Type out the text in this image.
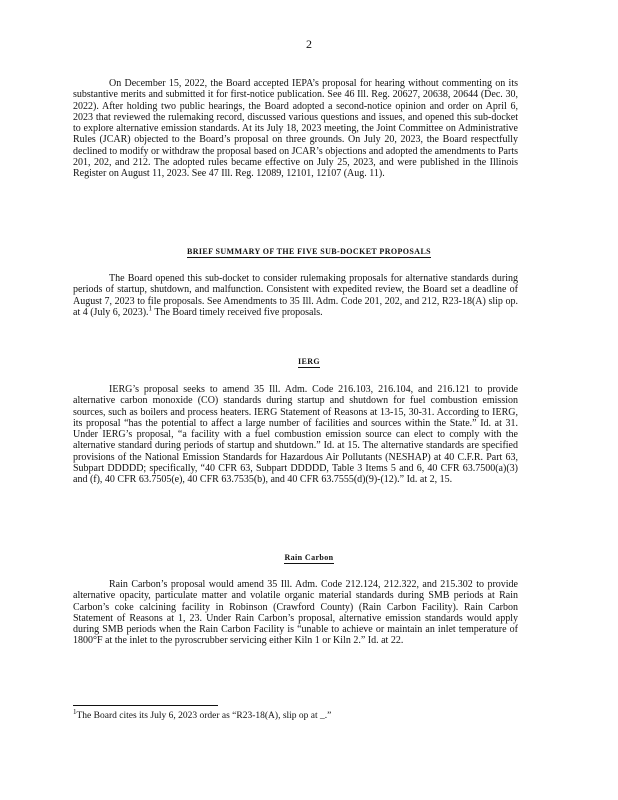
2

On December 15, 2022, the Board accepted IEPA’s proposal for hearing without commenting on its substantive merits and submitted it for first-notice publication. See 46 Ill. Reg. 20627, 20638, 20644 (Dec. 30, 2022). After holding two public hearings, the Board adopted a second-notice opinion and order on April 6, 2023 that reviewed the rulemaking record, discussed various questions and issues, and opened this sub-docket to explore alternative emission standards. At its July 18, 2023 meeting, the Joint Committee on Administrative Rules (JCAR) objected to the Board’s proposal on three grounds. On July 20, 2023, the Board respectfully declined to modify or withdraw the proposal based on JCAR’s objections and adopted the amendments to Parts 201, 202, and 212. The adopted rules became effective on July 25, 2023, and were published in the Illinois Register on August 11, 2023. See 47 Ill. Reg. 12089, 12101, 12107 (Aug. 11).

BRIEF SUMMARY OF THE FIVE SUB-DOCKET PROPOSALS

The Board opened this sub-docket to consider rulemaking proposals for alternative standards during periods of startup, shutdown, and malfunction. Consistent with expedited review, the Board set a deadline of August 7, 2023 to file proposals. See Amendments to 35 Ill. Adm. Code 201, 202, and 212, R23-18(A) slip op. at 4 (July 6, 2023).$^1$ The Board timely received five proposals.

IERG

IERG’s proposal seeks to amend 35 Ill. Adm. Code 216.103, 216.104, and 216.121 to provide alternative carbon monoxide (CO) standards during startup and shutdown for fuel combustion emission sources, such as boilers and process heaters. IERG Statement of Reasons at 13-15, 30-31. According to IERG, its proposal “has the potential to affect a large number of facilities and sources within the State.” Id. at 31. Under IERG’s proposal, “a facility with a fuel combustion emission source can elect to comply with the alternative standard during periods of startup and shutdown.” Id. at 15. The alternative standards are specified provisions of the National Emission Standards for Hazardous Air Pollutants (NESHAP) at 40 C.F.R. Part 63, Subpart DDDDD; specifically, “40 CFR 63, Subpart DDDDD, Table 3 Items 5 and 6, 40 CFR 63.7500(a)(3) and (f), 40 CFR 63.7505(e), 40 CFR 63.7535(b), and 40 CFR 63.7555(d)(9)-(12).” Id. at 2, 15.

Rain Carbon

Rain Carbon’s proposal would amend 35 Ill. Adm. Code 212.124, 212.322, and 215.302 to provide alternative opacity, particulate matter and volatile organic material standards during SMB periods at Rain Carbon’s coke calcining facility in Robinson (Crawford County) (Rain Carbon Facility). Rain Carbon Statement of Reasons at 1, 23. Under Rain Carbon’s proposal, alternative emission standards would apply during SMB periods when the Rain Carbon Facility is “unable to achieve or maintain an inlet temperature of 1800°F at the inlet to the pyroscrubber servicing either Kiln 1 or Kiln 2.” Id. at 22.

$^1$The Board cites its July 6, 2023 order as “R23-18(A), slip op at _.”
